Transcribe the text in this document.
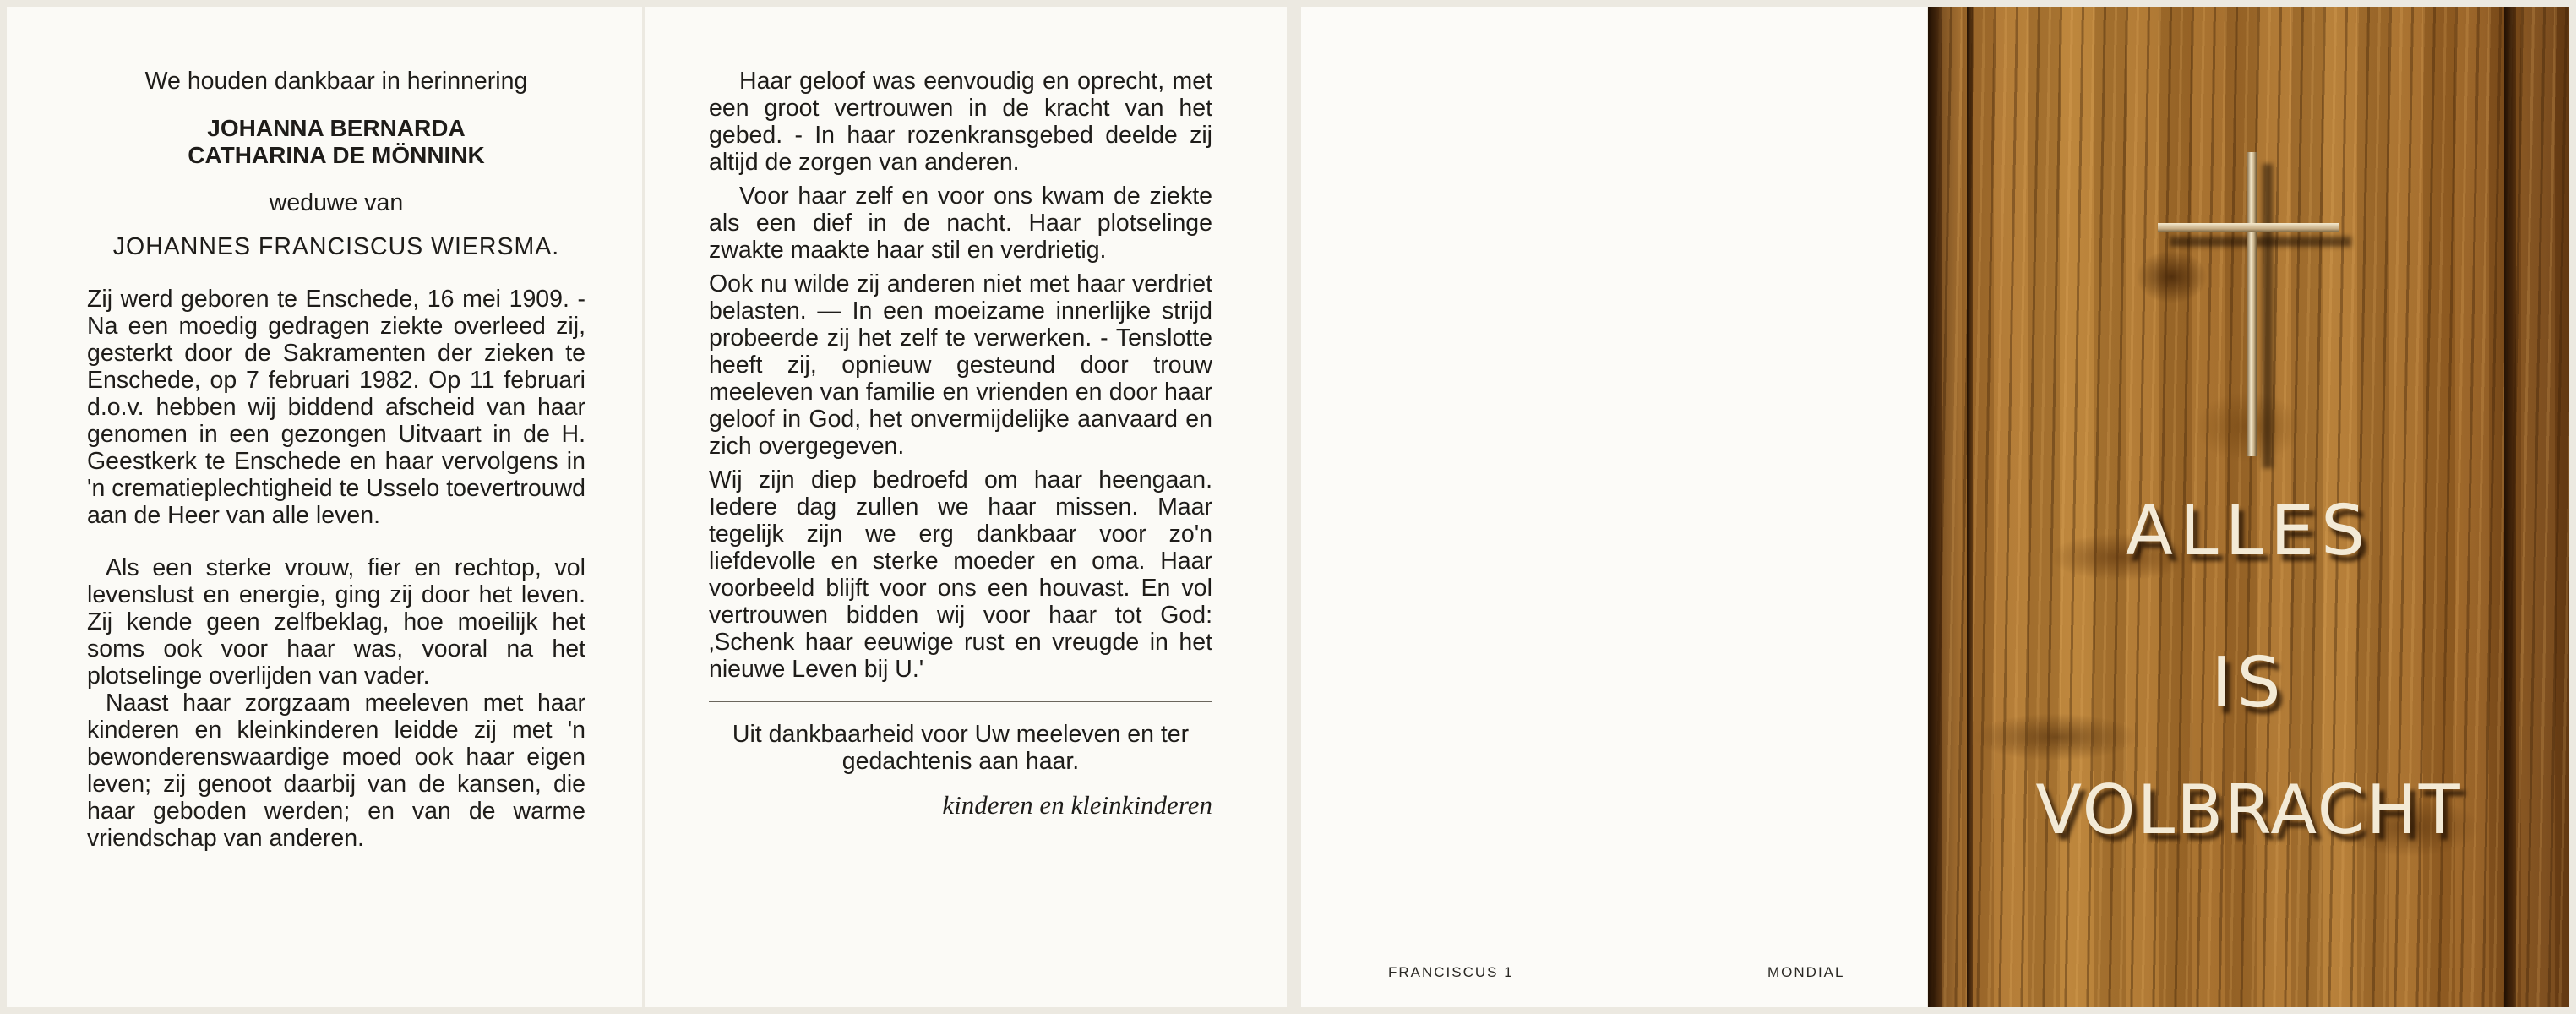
We houden dankbaar in herinnering

JOHANNA BERNARDA

CATHARINA DE MÖNNINK

weduwe van

JOHANNES FRANCISCUS WIERSMA.

Zij werd geboren te Enschede, 16 mei 1909. - Na een moedig gedragen ziekte overleed zij, gesterkt door de Sakramenten der zieken te Enschede, op 7 februari 1982. Op 11 februari d.o.v. hebben wij biddend afscheid van haar genomen in een gezongen Uitvaart in de H. Geestkerk te Enschede en haar vervolgens in 'n crematieplechtigheid te Usselo toevertrouwd aan de Heer van alle leven.

Als een sterke vrouw, fier en rechtop, vol levenslust en energie, ging zij door het leven. Zij kende geen zelfbeklag, hoe moeilijk het soms ook voor haar was, vooral na het plotselinge overlijden van vader.

Naast haar zorgzaam meeleven met haar kinderen en kleinkinderen leidde zij met 'n bewonderenswaardige moed ook haar eigen leven; zij genoot daarbij van de kansen, die haar geboden werden; en van de warme vriendschap van anderen.

Haar geloof was eenvoudig en oprecht, met een groot vertrouwen in de kracht van het gebed. - In haar rozenkransgebed deelde zij altijd de zorgen van anderen.

Voor haar zelf en voor ons kwam de ziekte als een dief in de nacht. Haar plotselinge zwakte maakte haar stil en verdrietig.

Ook nu wilde zij anderen niet met haar verdriet belasten. — In een moeizame innerlijke strijd probeerde zij het zelf te verwerken. - Tenslotte heeft zij, opnieuw gesteund door trouw meeleven van familie en vrienden en door haar geloof in God, het onvermijdelijke aanvaard en zich overgegeven.

Wij zijn diep bedroefd om haar heengaan. Iedere dag zullen we haar missen. Maar tegelijk zijn we erg dankbaar voor zo'n liefdevolle en sterke moeder en oma. Haar voorbeeld blijft voor ons een houvast. En vol vertrouwen bidden wij voor haar tot God: ‚Schenk haar eeuwige rust en vreugde in het nieuwe Leven bij U.'

Uit dankbaarheid voor Uw meeleven en ter gedachtenis aan haar.

kinderen en kleinkinderen

FRANCISCUS 1	MONDIAL
ALLES
IS
VOLBRACHT
